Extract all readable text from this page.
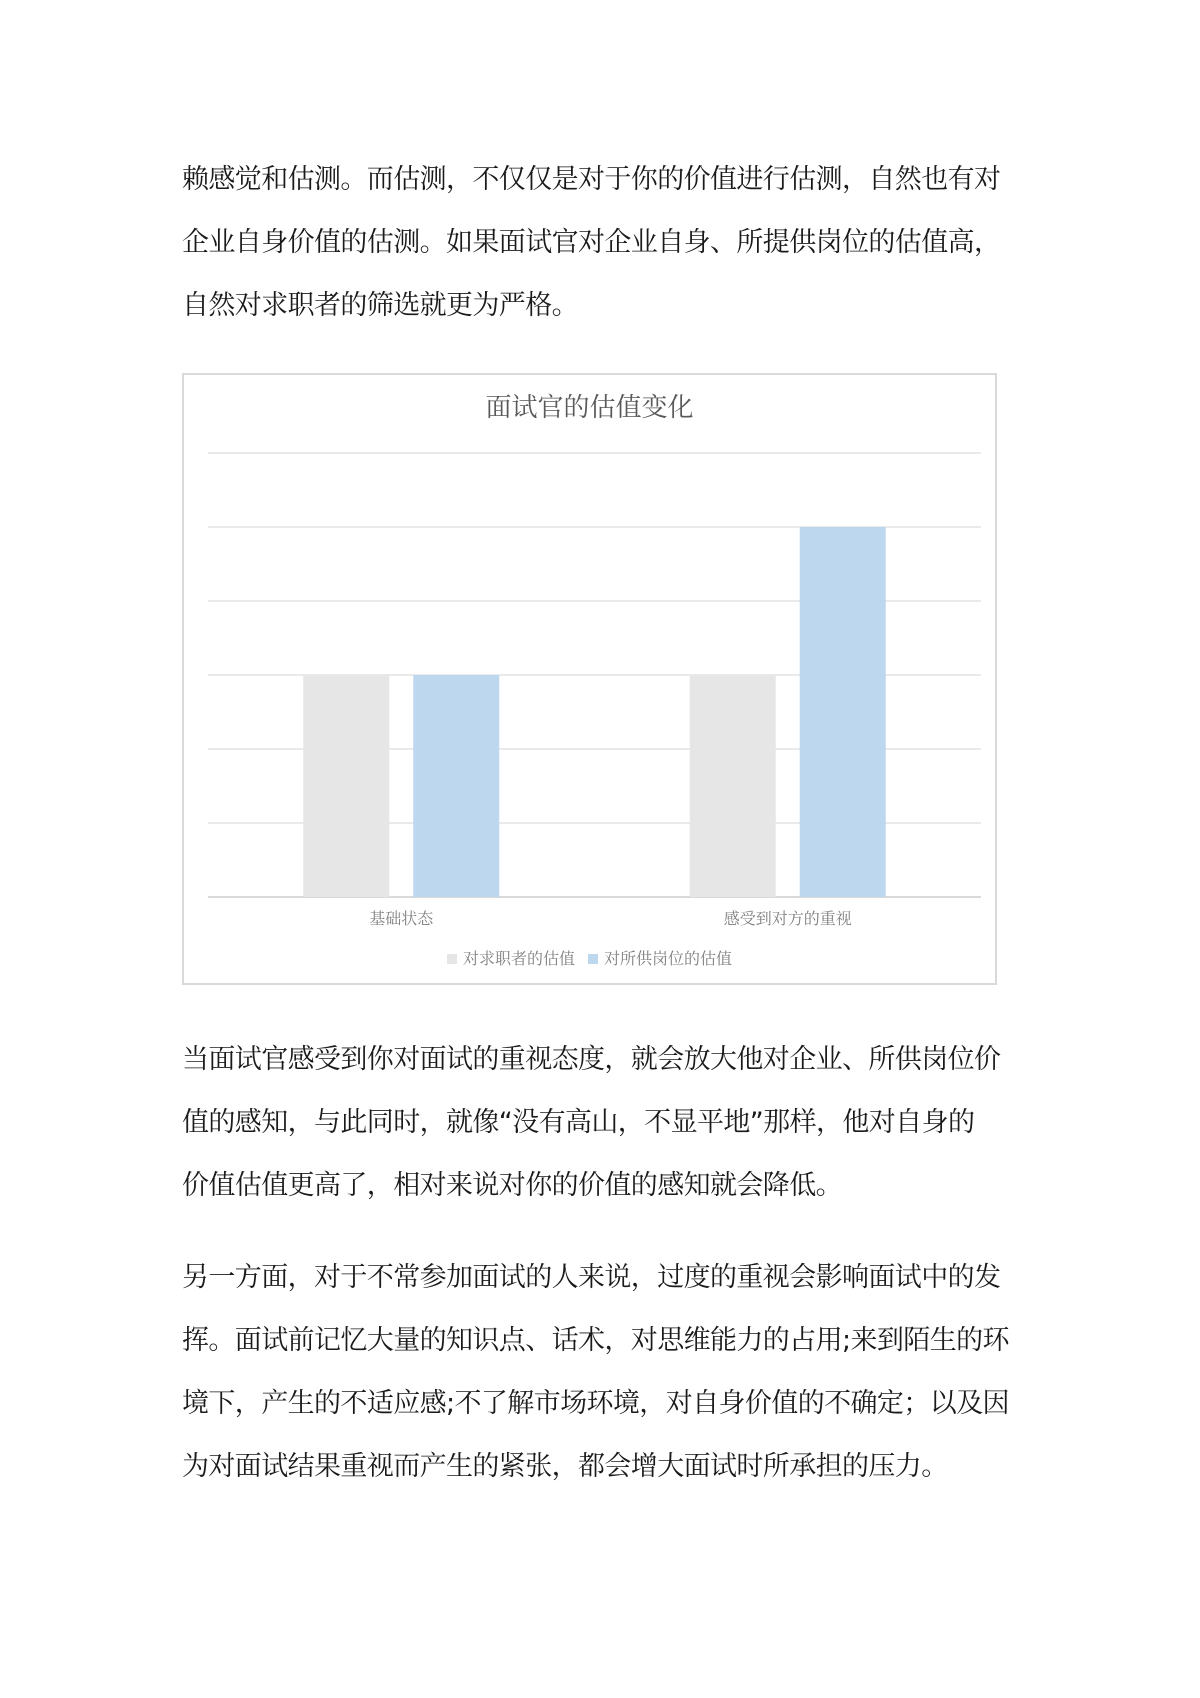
赖感觉和估测。而估测，不仅仅是对于你的价值进行估测，自然也有对
企业自身价值的估测。如果面试官对企业自身、所提供岗位的估值高，
自然对求职者的筛选就更为严格。
面试官的估值变化
基础状态	感受到对方的重视
对求职者的估值 对所供岗位的估值
当面试官感受到你对面试的重视态度，就会放大他对企业、所供岗位价
值的感知，与此同时，就像“没有高山，不显平地”那样，他对自身的
价值估值更高了，相对来说对你的价值的感知就会降低。
另一方面，对于不常参加面试的人来说，过度的重视会影响面试中的发
挥。面试前记忆大量的知识点、话术，对思维能力的占用;来到陌生的环
境下，产生的不适应感;不了解市场环境，对自身价值的不确定；以及因
为对面试结果重视而产生的紧张，都会增大面试时所承担的压力。
